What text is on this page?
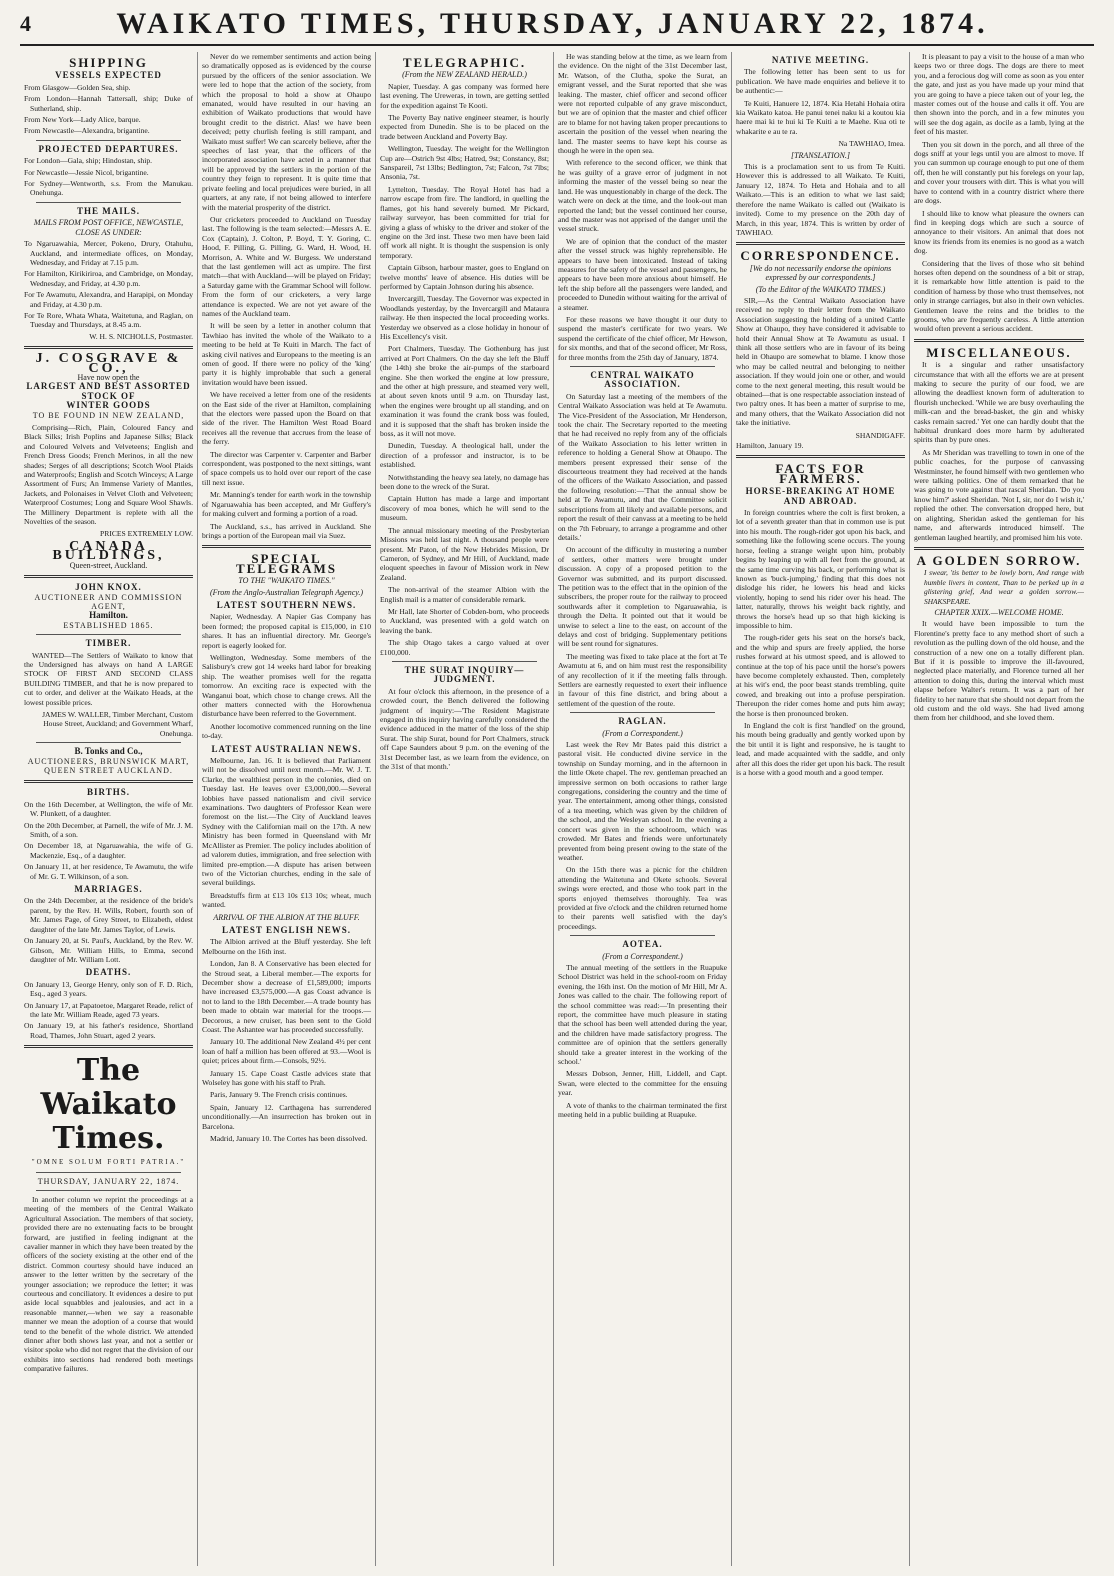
4	WAIKATO TIMES, THURSDAY, JANUARY 22, 1874.
SHIPPING
VESSELS EXPECTED
From Glasgow—Golden Sea, ship.
From London—Hannah Tattersall, ship; Duke of Sutherland, ship.
From New York—Lady Alice, barque.
From Newcastle—Alexandra, brigantine.
PROJECTED DEPARTURES.
For London—Gala, ship; Hindostan, ship.
For Newcastle—Jessie Nicol, brigantine.
For Sydney—Wentworth, s.s. From the Manukau. Onehunga.
THE MAILS.
MAILS FROM POST OFFICE, NEWCASTLE, CLOSE AS UNDER:
To Ngaruawahia, Mercer, Pokeno, Drury, Otahuhu, Auckland, and intermediate offices, on Monday, Wednesday, and Friday at 7.15 p.m.
For Hamilton, Kirikiriroa, and Cambridge, on Monday, Wednesday, and Friday, at 4.30 p.m.
For Te Awamutu, Alexandra, and Harapipi, on Monday and Friday, at 4.30 p.m.
For Te Rore, Whata Whata, Waitetuna, and Raglan, on Tuesday and Thursdays, at 8.45 a.m.
W. H. S. NICHOLLS, Postmaster.
J. COSGRAVE & CO.,
Have now open the
LARGEST AND BEST ASSORTED STOCK OF
WINTER GOODS
TO BE FOUND IN NEW ZEALAND,

Comprising—Rich, Plain, Coloured Fancy and Black Silks; Irish Poplins and Japanese Silks; Black and Coloured Velvets and Velveteens; English and French Dress Goods; French Merinos, in all the new shades; Serges of all descriptions; Scotch Wool Plaids and Waterproofs; English and Scotch Winceys; A Large Assortment of Furs; An Immense Variety of Mantles, Jackets, and Polonaises in Velvet Cloth and Velveteen; Waterproof Costumes; Long and Square Wool Shawls. The Millinery Department is replete with all the Novelties of the season.

PRICES EXTREMELY LOW.
CANADA BUILDINGS,
Queen-street, Auckland.
JOHN KNOX.
AUCTIONEER AND COMMISSION AGENT,
Hamilton.
ESTABLISHED 1865.
TIMBER.

WANTED—The Settlers of Waikato to know that the Undersigned has always on hand A LARGE STOCK OF FIRST AND SECOND CLASS BUILDING TIMBER, and that he is now prepared to cut to order, and deliver at the Waikato Heads, at the lowest possible prices.

JAMES W. WALLER, Timber Merchant, Custom House Street, Auckland; and Government Wharf, Onehunga.
B. Tonks and Co.,
AUCTIONEERS, BRUNSWICK MART,
QUEEN STREET AUCKLAND.
BIRTHS.
On the 16th December, at Wellington, the wife of Mr. W. Plunkett, of a daughter.
On the 20th December, at Parnell, the wife of Mr. J. M. Smith, of a son.
On December 18, at Ngaruawahia, the wife of G. Mackenzie, Esq., of a daughter.
On January 11, at her residence, Te Awamutu, the wife of Mr. G. T. Wilkinson, of a son.
MARRIAGES.
On the 24th December, at the residence of the bride's parent, by the Rev. H. Wills, Robert, fourth son of Mr. James Page, of Grey Street, to Elizabeth, eldest daughter of the late Mr. James Taylor, of Lewis.
On January 20, at St. Paul's, Auckland, by the Rev. W. Gibson, Mr. William Hills, to Emma, second daughter of Mr. William Lott.
DEATHS.
On January 13, George Henry, only son of F. D. Rich, Esq., aged 3 years.
On January 17, at Papatoetoe, Margaret Reade, relict of the late Mr. William Reade, aged 73 years.
On January 19, at his father's residence, Shortland Road, Thames, John Stuart, aged 2 years.
The Waikato Times.
"OMNE SOLUM FORTI PATRIA."
THURSDAY, JANUARY 22, 1874.

In another column we reprint the proceedings at a meeting of the members of the Central Waikato Agricultural Association. The members of that society, provided there are no extenuating facts to be brought forward, are justified in feeling indignant at the cavalier manner in which they have been treated by the officers of the society existing at the other end of the district. Common courtesy should have induced an answer to the letter written by the secretary of the younger association; we reproduce the letter; it was courteous and conciliatory. It evidences a desire to put aside local squabbles and jealousies, and act in a reasonable manner,—when we say a reasonable manner we mean the adoption of a course that would tend to the benefit of the whole district. We attended dinner after both shows last year, and not a settler or visitor spoke who did not regret that the division of our exhibits into sections had rendered both meetings comparative failures.

Never do we remember sentiments and action being so dramatically opposed as is evidenced by the course pursued by the officers of the senior association. We were led to hope that the action of the society, from which the proposal to hold a show at Ohaupo emanated, would have resulted in our having an exhibition of Waikato productions that would have brought credit to the district. Alas! we have been deceived; petty churlish feeling is still rampant, and Waikato must suffer! We can scarcely believe, after the speeches of last year, that the officers of the incorporated association have acted in a manner that will be approved by the settlers in the portion of the country they feign to represent. It is quite time that private feeling and local prejudices were buried, in all quarters, at any rate, if not being allowed to interfere with the material prosperity of the district.

Our cricketers proceeded to Auckland on Tuesday last. The following is the team selected:—Messrs A. E. Cox (Captain), J. Colton, P. Boyd, T. Y. Goring, C. Hood, F. Pilling, G. Pilling, G. Ward, H. Wood, H. Morrison, A. White and W. Burgess. We understand that the last gentlemen will act as umpire. The first match—that with Auckland—will be played on Friday; a Saturday game with the Grammar School will follow. From the form of our cricketers, a very large attendance is expected. We are not yet aware of the names of the Auckland team.

It will be seen by a letter in another column that Tawhiao has invited the whole of the Waikato to a meeting to be held at Te Kuiti in March. The fact of asking civil natives and Europeans to the meeting is an omen of good. If there were no policy of the 'king' party it is highly improbable that such a general invitation would have been issued.

We have received a letter from one of the residents on the East side of the river at Hamilton, complaining that the electors were passed upon the Board on that side of the river. The Hamilton West Road Board receives all the revenue that accrues from the lease of the ferry.

The director was Carpenter v. Carpenter and Barber correspondent, was postponed to the next sittings, want of space compels us to hold over our report of the case till next issue.

Mr. Manning's tender for earth work in the township of Ngaruawahia has been accepted, and Mr Guffery's for making culvert and forming a portion of a road.

The Auckland, s.s., has arrived in Auckland. She brings a portion of the European mail via Suez.

SPECIAL TELEGRAMS
TO THE "WAIKATO TIMES."
(From the Anglo-Australian Telegraph Agency.)
LATEST SOUTHERN NEWS.

Napier, Wednesday. A Napier Gas Company has been formed; the proposed capital is £15,000, in £10 shares. It has an influential directory. Mr. George's report is eagerly looked for.

Wellington, Wednesday. Some members of the Salisbury's crew got 14 weeks hard labor for breaking ship. The weather promises well for the regatta tomorrow. An exciting race is expected with the Wanganui boat, which chose to change crews. All the other matters connected with the Horowhenua disturbance have been referred to the Government.

Another locomotive commenced running on the line to-day.

LATEST AUSTRALIAN NEWS.

Melbourne, Jan. 16. It is believed that Parliament will not be dissolved until next month.—Mr. W. J. T. Clarke, the wealthiest person in the colonies, died on Tuesday last. He leaves over £3,000,000.—Several lobbies have passed nationalism and civil service examinations. Two daughters of Professor Kean were foremost on the list.—The City of Auckland leaves Sydney with the Californian mail on the 17th. A new Ministry has been formed in Queensland with Mr McAllister as Premier. The policy includes abolition of ad valorem duties, immigration, and free selection with limited pre-emption.—A dispute has arisen between two of the Victorian churches, ending in the sale of several buildings.

Breadstuffs firm at £13 10s £13 10s; wheat, much wanted.

ARRIVAL OF THE ALBION AT THE BLUFF.
LATEST ENGLISH NEWS.

The Albion arrived at the Bluff yesterday. She left Melbourne on the 16th inst.

London, Jan 8. A Conservative has been elected for the Stroud seat, a Liberal member.—The exports for December show a decrease of £1,589,000; imports have increased £3,575,000.—A gas Coast advance is not to land to the 18th December.—A trade bounty has been made to obtain war material for the troops.—Decorous, a new cruiser, has been sent to the Gold Coast. The Ashantee war has proceeded successfully.

January 10. The additional New Zealand 4½ per cent loan of half a million has been offered at 93.—Wool is quiet; prices about firm.—Consols, 92½.

January 15. Cape Coast Castle advices state that Wolseley has gone with his staff to Prah.

Paris, January 9. The French crisis continues.

Spain, January 12. Carthagena has surrendered unconditionally.—An insurrection has broken out in Barcelona.

Madrid, January 10. The Cortes has been dissolved.

TELEGRAPHIC.
(From the NEW ZEALAND HERALD.)

Napier, Tuesday. A gas company was formed here last evening. The Ureweras, in town, are getting settled for the expedition against Te Kooti.

The Poverty Bay native engineer steamer, is hourly expected from Dunedin. She is to be placed on the trade between Auckland and Poverty Bay.

Wellington, Tuesday. The weight for the Wellington Cup are—Ostrich 9st 4lbs; Hatred, 9st; Constancy, 8st; Sanspareil, 7st 13lbs; Bedlington, 7st; Falcon, 7st 7lbs; Ansonia, 7st.

Lyttelton, Tuesday. The Royal Hotel has had a narrow escape from fire. The landlord, in quelling the flames, got his hand severely burned. Mr Pickard, railway surveyor, has been committed for trial for giving a glass of whisky to the driver and stoker of the engine on the 3rd inst. These two men have been laid off work all night. It is thought the suspension is only temporary.

Captain Gibson, harbour master, goes to England on twelve months' leave of absence. His duties will be performed by Captain Johnson during his absence.

Invercargill, Tuesday. The Governor was expected in Woodlands yesterday, by the Invercargill and Mataura railway. He then inspected the local proceeding works. Yesterday we observed as a close holiday in honour of His Excellency's visit.

Port Chalmers, Tuesday. The Gothenburg has just arrived at Port Chalmers. On the day she left the Bluff (the 14th) she broke the air-pumps of the starboard engine. She then worked the engine at low pressure, and the other at high pressure, and steamed very well, at about seven knots until 9 a.m. on Thursday last, when the engines were brought up all standing, and on examination it was found the crank boss was fouled, and it is supposed that the shaft has broken inside the boss, as it will not move.

Dunedin, Tuesday. A theological hall, under the direction of a professor and instructor, is to be established.

Notwithstanding the heavy sea lately, no damage has been done to the wreck of the Surat.

Captain Hutton has made a large and important discovery of moa bones, which he will send to the museum.

The annual missionary meeting of the Presbyterian Missions was held last night. A thousand people were present. Mr Paton, of the New Hebrides Mission, Dr Cameron, of Sydney, and Mr Hill, of Auckland, made eloquent speeches in favour of Mission work in New Zealand.

The non-arrival of the steamer Albion with the English mail is a matter of considerable remark.

Mr Hall, late Shorter of Cobden-born, who proceeds to Auckland, was presented with a gold watch on leaving the bank.

The ship Otago takes a cargo valued at over £100,000.

THE SURAT INQUIRY—JUDGMENT.

At four o'clock this afternoon, in the presence of a crowded court, the Bench delivered the following judgment of inquiry:—'The Resident Magistrate engaged in this inquiry having carefully considered the evidence adduced in the matter of the loss of the ship Surat. The ship Surat, bound for Port Chalmers, struck off Cape Saunders about 9 p.m. on the evening of the 31st December last, as we learn from the evidence, on the 31st of that month.'

He was standing below at the time, as we learn from the evidence. On the night of the 31st December last, Mr. Watson, of the Clutha, spoke the Surat, an emigrant vessel, and the Surat reported that she was leaking. The master, chief officer and second officer were not reported culpable of any grave misconduct, but we are of opinion that the master and chief officer are to blame for not having taken proper precautions to ascertain the position of the vessel when nearing the land. The master seems to have kept his course as though he were in the open sea.

With reference to the second officer, we think that he was guilty of a grave error of judgment in not informing the master of the vessel being so near the land. He was unquestionably in charge of the deck. The watch were on deck at the time, and the look-out man reported the land; but the vessel continued her course, and the master was not apprised of the danger until the vessel struck.

We are of opinion that the conduct of the master after the vessel struck was highly reprehensible. He appears to have been intoxicated. Instead of taking measures for the safety of the vessel and passengers, he appears to have been more anxious about himself. He left the ship before all the passengers were landed, and proceeded to Dunedin without waiting for the arrival of a steamer.

For these reasons we have thought it our duty to suspend the master's certificate for two years. We suspend the certificate of the chief officer, Mr Hewson, for six months, and that of the second officer, Mr Ross, for three months from the 25th day of January, 1874.

CENTRAL WAIKATO ASSOCIATION.

On Saturday last a meeting of the members of the Central Waikato Association was held at Te Awamutu. The Vice-President of the Association, Mr Henderson, took the chair. The Secretary reported to the meeting that he had received no reply from any of the officials of the Waikato Association to his letter written in reference to holding a General Show at Ohaupo. The members present expressed their sense of the discourteous treatment they had received at the hands of the officers of the Waikato Association, and passed the following resolution:—'That the annual show be held at Te Awamutu, and that the Committee solicit subscriptions from all likely and available persons, and report the result of their canvass at a meeting to be held on the 7th February, to arrange a programme and other details.'

On account of the difficulty in mustering a number of settlers, other matters were brought under discussion. A copy of a proposed petition to the Governor was submitted, and its purport discussed. The petition was to the effect that in the opinion of the subscribers, the proper route for the railway to proceed southwards after it completion to Ngaruawahia, is through the Delta. It pointed out that it would be unwise to select a line to the east, on account of the delays and cost of bridging. Supplementary petitions will be sent round for signatures.

The meeting was fixed to take place at the fort at Te Awamutu at 6, and on him must rest the responsibility of any recollection of it if the meeting falls through. Settlers are earnestly requested to exert their influence in favour of this fine district, and bring about a settlement of the question of the route.

RAGLAN.
(From a Correspondent.)

Last week the Rev Mr Bates paid this district a pastoral visit. He conducted divine service in the township on Sunday morning, and in the afternoon in the little Okete chapel. The rev. gentleman preached an impressive sermon on both occasions to rather large congregations, considering the country and the time of year. The entertainment, among other things, consisted of a tea meeting, which was given by the children of the school, and the Wesleyan school. In the evening a concert was given in the schoolroom, which was crowded. Mr Bates and friends were unfortunately prevented from being present owing to the state of the weather.

On the 15th there was a picnic for the children attending the Waitetuna and Okete schools. Several swings were erected, and those who took part in the sports enjoyed themselves thoroughly. Tea was provided at five o'clock and the children returned home to their parents well satisfied with the day's proceedings.

AOTEA.
(From a Correspondent.)

The annual meeting of the settlers in the Ruapuke School District was held in the school-room on Friday evening, the 16th inst. On the motion of Mr Hill, Mr A. Jones was called to the chair. The following report of the school committee was read:—'In presenting their report, the committee have much pleasure in stating that the school has been well attended during the year, and the children have made satisfactory progress. The committee are of opinion that the settlers generally should take a greater interest in the working of the school.'

Messrs Dobson, Jenner, Hill, Liddell, and Capt. Swan, were elected to the committee for the ensuing year.

A vote of thanks to the chairman terminated the first meeting held in a public building at Ruapuke.

NATIVE MEETING.

The following letter has been sent to us for publication. We have made enquiries and believe it to be authentic:—

Te Kuiti, Hanuere 12, 1874. Kia Hetahi Hohaia otira kia Waikato katoa. He panui tenei naku ki a koutou kia haere mai ki te hui ki Te Kuiti a te Maehe. Kua oti te whakarite e au te ra.

Na TAWHIAO, Imea.
[TRANSLATION.]

This is a proclamation sent to us from Te Kuiti. However this is addressed to all Waikato. Te Kuiti, January 12, 1874. To Heta and Hohaia and to all Waikato.—This is an edition to what we last said; therefore the name Waikato is called out (Waikato is invited). Come to my presence on the 20th day of March, in this year, 1874. This is written by order of TAWHIAO.

CORRESPONDENCE.
[We do not necessarily endorse the opinions expressed by our correspondents.]
(To the Editor of the WAIKATO TIMES.)

SIR,—As the Central Waikato Association have received no reply to their letter from the Waikato Association suggesting the holding of a united Cattle Show at Ohaupo, they have considered it advisable to hold their Annual Show at Te Awamutu as usual. I think all those settlers who are in favour of its being held in Ohaupo are somewhat to blame. I know those who may be called neutral and belonging to neither association. If they would join one or other, and would come to the next general meeting, this result would be obtained—that is one respectable association instead of two paltry ones. It has been a matter of surprise to me, and many others, that the Waikato Association did not take the initiative.

SHANDIGAFF.
Hamilton, January 19.
FACTS FOR FARMERS.
HORSE-BREAKING AT HOME AND ABROAD.

In foreign countries where the colt is first broken, a lot of a seventh greater than that in common use is put into his mouth. The rough-rider got upon his back, and something like the following scene occurs. The young horse, feeling a strange weight upon him, probably begins by leaping up with all feet from the ground, at the same time curving his back, or performing what is known as 'buck-jumping,' finding that this does not dislodge his rider, he lowers his head and kicks violently, hoping to send his rider over his head. The latter, naturally, throws his weight back rightly, and throws the horse's head up so that high kicking is impossible to him.

The rough-rider gets his seat on the horse's back, and the whip and spurs are freely applied, the horse rushes forward at his utmost speed, and is allowed to continue at the top of his pace until the horse's powers have become completely exhausted. Then, completely at his wit's end, the poor beast stands trembling, quite cowed, and breaking out into a profuse perspiration. Thereupon the rider comes home and puts him away; the horse is then pronounced broken.

In England the colt is first 'handled' on the ground, his mouth being gradually and gently worked upon by the bit until it is light and responsive, he is taught to lead, and made acquainted with the saddle, and only after all this does the rider get upon his back. The result is a horse with a good mouth and a good temper.

It is pleasant to pay a visit to the house of a man who keeps two or three dogs. The dogs are there to meet you, and a ferocious dog will come as soon as you enter the gate, and just as you have made up your mind that you are going to have a piece taken out of your leg, the master comes out of the house and calls it off. You are then shown into the porch, and in a few minutes you will see the dog again, as docile as a lamb, lying at the feet of his master.

Then you sit down in the porch, and all three of the dogs sniff at your legs until you are almost to move. If you can summon up courage enough to put one of them off, then he will constantly put his forelegs on your lap, and cover your trousers with dirt. This is what you will have to contend with in a country district where there are dogs.

I should like to know what pleasure the owners can find in keeping dogs which are such a source of annoyance to their visitors. An animal that does not know its friends from its enemies is no good as a watch dog.

Considering that the lives of those who sit behind horses often depend on the soundness of a bit or strap, it is remarkable how little attention is paid to the condition of harness by those who trust themselves, not only in strange carriages, but also in their own vehicles. Gentlemen leave the reins and the bridles to the grooms, who are frequently careless. A little attention would often prevent a serious accident.

MISCELLANEOUS.

It is a singular and rather unsatisfactory circumstance that with all the efforts we are at present making to secure the purity of our food, we are allowing the deadliest known form of adulteration to flourish unchecked. 'While we are busy overhauling the milk-can and the bread-basket, the gin and whisky casks remain sacred.' Yet one can hardly doubt that the habitual drunkard does more harm by adulterated spirits than by pure ones.

As Mr Sheridan was travelling to town in one of the public coaches, for the purpose of canvassing Westminster, he found himself with two gentlemen who were talking politics. One of them remarked that he was going to vote against that rascal Sheridan. 'Do you know him?' asked Sheridan. 'Not I, sir, nor do I wish it,' replied the other. The conversation dropped here, but on alighting, Sheridan asked the gentleman for his name, and afterwards introduced himself. The gentleman laughed heartily, and promised him his vote.

A GOLDEN SORROW.
I swear, 'tis better to be lowly born, And range with humble livers in content, Than to be perked up in a glistering grief, And wear a golden sorrow.—SHAKSPEARE.
CHAPTER XXIX.—WELCOME HOME.

It would have been impossible to turn the Florentine's pretty face to any method short of such a revolution as the pulling down of the old house, and the construction of a new one on a totally different plan. But if it is possible to improve the ill-favoured, neglected place materially, and Florence turned all her attention to doing this, during the interval which must elapse before Walter's return. It was a part of her fidelity to her nature that she should not depart from the old custom and the old ways. She had lived among them from her childhood, and she loved them.
